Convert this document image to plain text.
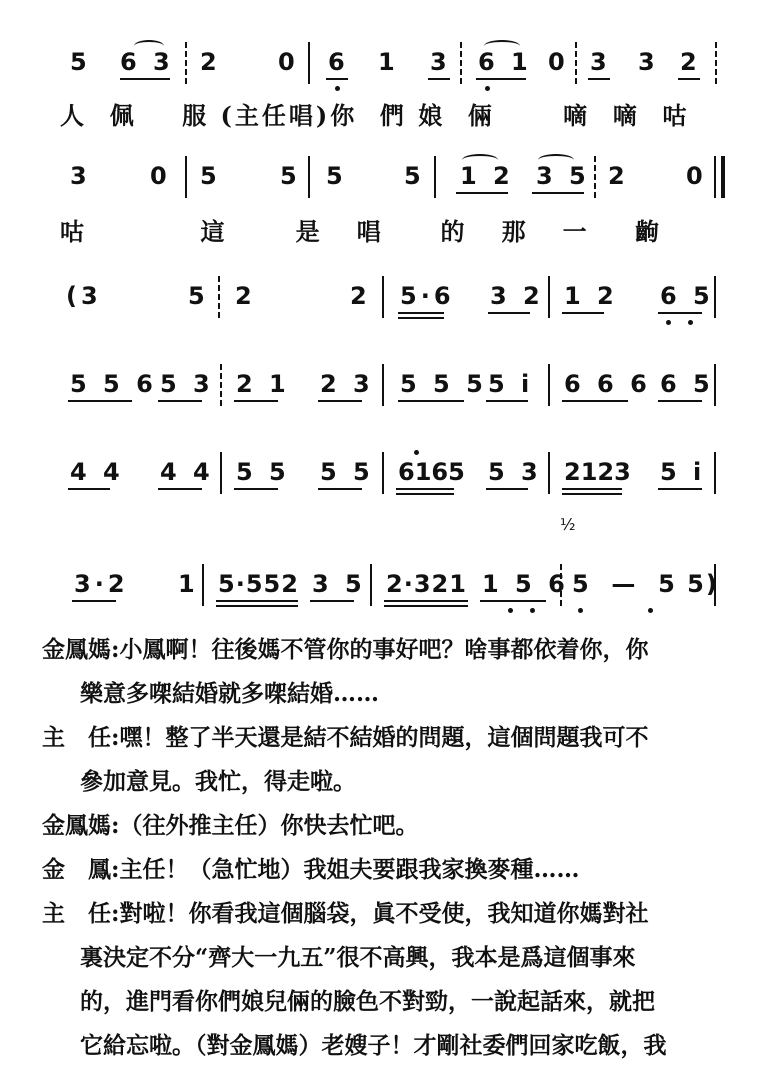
5 6 3 2 0 6 1 3 6 1 0 3 3 2
人  佩    服 (主任唱)你  們 娘  倆      嘀  嘀  咕
3 0 5 5 5 5 1 2 3 5 2 0
咕          這      是   唱     的   那   一    齣
(3	5 2	2 5·6 3 2 1 2 6 5
5 5 6 5 3 2 1 2 3 5 5 5 5 i 6 6 6 6 5
4 4 4 4 5 5 5 5 6165 5 3 2123 5 i
½
3·2 1 5·552 3 5 2·321 1 5 6 5  —  5 5)
金鳳媽:小鳳啊！往後媽不管你的事好吧？啥事都依着你，你
樂意多㗎結婚就多㗎結婚……
主　任:嘿！整了半天還是結不結婚的問題，這個問題我可不
參加意見。我忙，得走啦。
金鳳媽:（往外推主任）你快去忙吧。
金　鳳:主任！（急忙地）我姐夫要跟我家換麥種……
主　任:對啦！你看我這個腦袋，眞不受使，我知道你媽對社
裏決定不分“齊大一九五”很不高興，我本是爲這個事來
的，進門看你們娘兒倆的臉色不對勁，一說起話來，就把
它給忘啦。（對金鳳媽）老嫂子！才剛社委們回家吃飯，我
